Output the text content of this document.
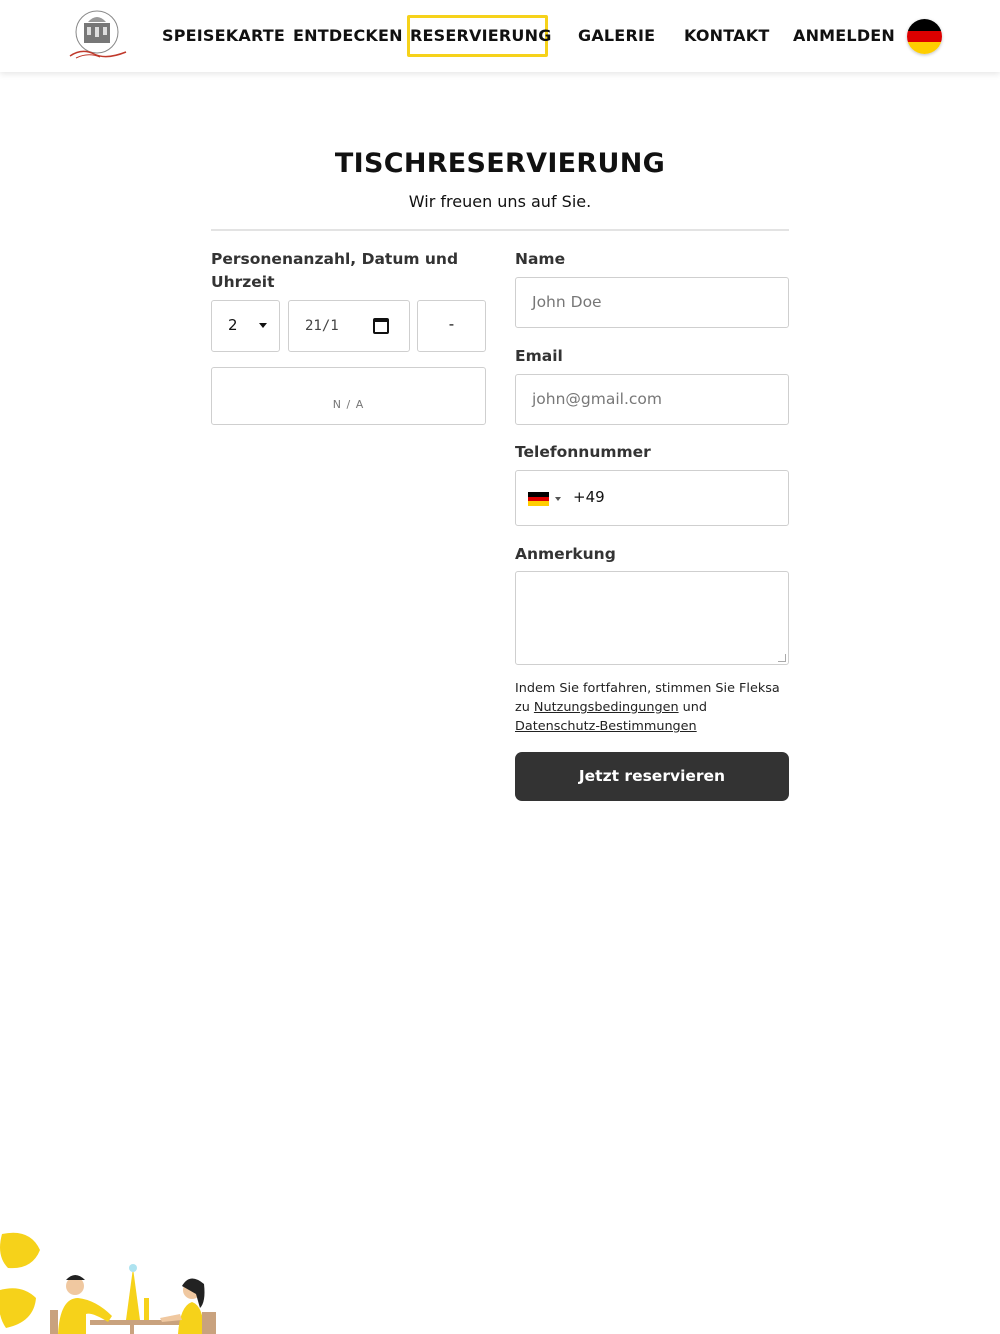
SPEISEKARTE ENTDECKEN RESERVIERUNG GALERIE KONTAKT ANMELDEN
TISCHRESERVIERUNG
Wir freuen uns auf Sie.
Personenanzahl, Datum und Uhrzeit
2	21/1	-
N / A
Name
John Doe
Email
john@gmail.com
Telefonnummer
+49
Anmerkung
Indem Sie fortfahren, stimmen Sie Fleksa zu Nutzungsbedingungen und Datenschutz-Bestimmungen
Jetzt reservieren
